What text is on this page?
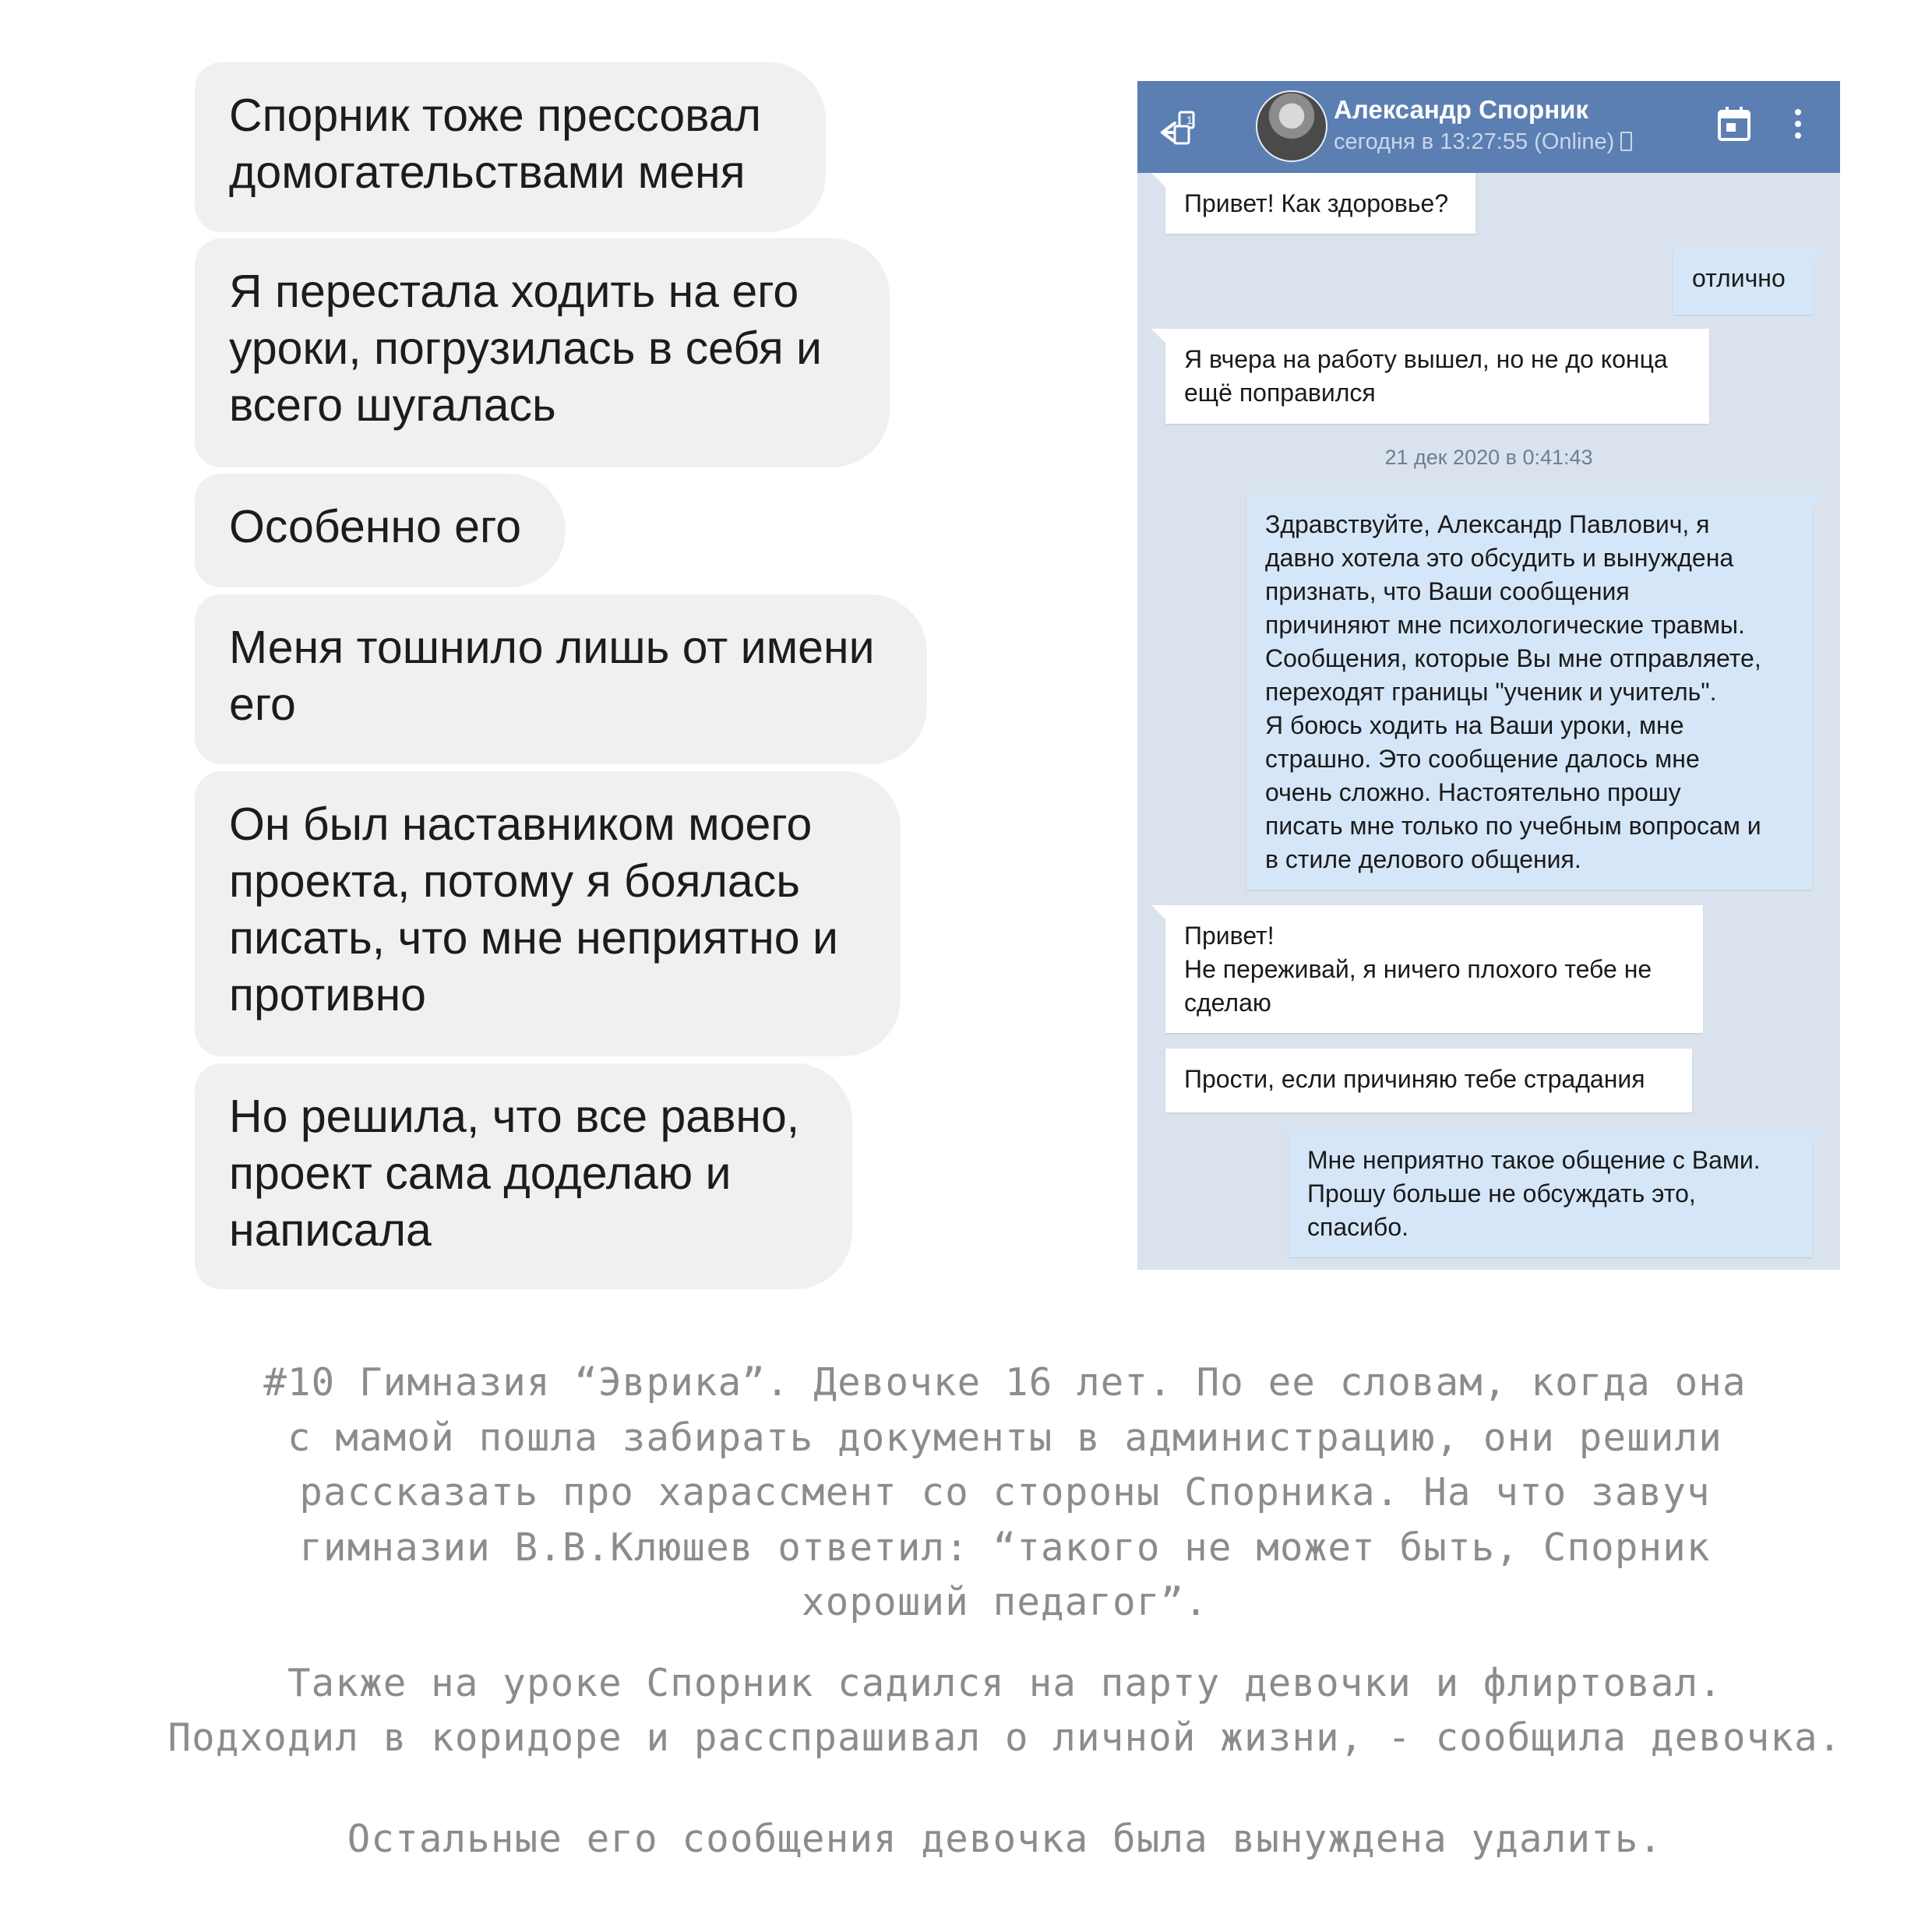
Спорник тоже прессовал
домогательствами меня
Я перестала ходить на его
уроки, погрузилась в себя и
всего шугалась
Особенно его
Меня тошнило лишь от имени
его
Он был наставником моего
проекта, потому я боялась
писать, что мне неприятно и
противно
Но решила, что все равно,
проект сама доделаю и
написала
1	Александр Спорник
сегодня в 13:27:55 (Online)
Привет! Как здоровье?
отлично
Я вчера на работу вышел, но не до конца
ещё поправился
21 дек 2020 в 0:41:43
Здравствуйте, Александр Павлович, я
давно хотела это обсудить и вынуждена
признать, что Ваши сообщения
причиняют мне психологические травмы.
Сообщения, которые Вы мне отправляете,
переходят границы "ученик и учитель".
Я боюсь ходить на Ваши уроки, мне
страшно. Это сообщение далось мне
очень сложно. Настоятельно прошу
писать мне только по учебным вопросам и
в стиле делового общения.
Привет!
Не переживай, я ничего плохого тебе не
сделаю
Прости, если причиняю тебе страдания
Мне неприятно такое общение с Вами.
Прошу больше не обсуждать это,
спасибо.
#10 Гимназия “Эврика”. Девочке 16 лет. По ее словам, когда она
с мамой пошла забирать документы в администрацию, они решили
рассказать про харассмент со стороны Спорника. На что завуч
гимназии В.В.Клюшев ответил: “такого не может быть, Спорник
хороший педагог”.
Также на уроке Спорник садился на парту девочки и флиртовал.
Подходил в коридоре и расспрашивал о личной жизни, - сообщила девочка.
Остальные его сообщения девочка была вынуждена удалить.
